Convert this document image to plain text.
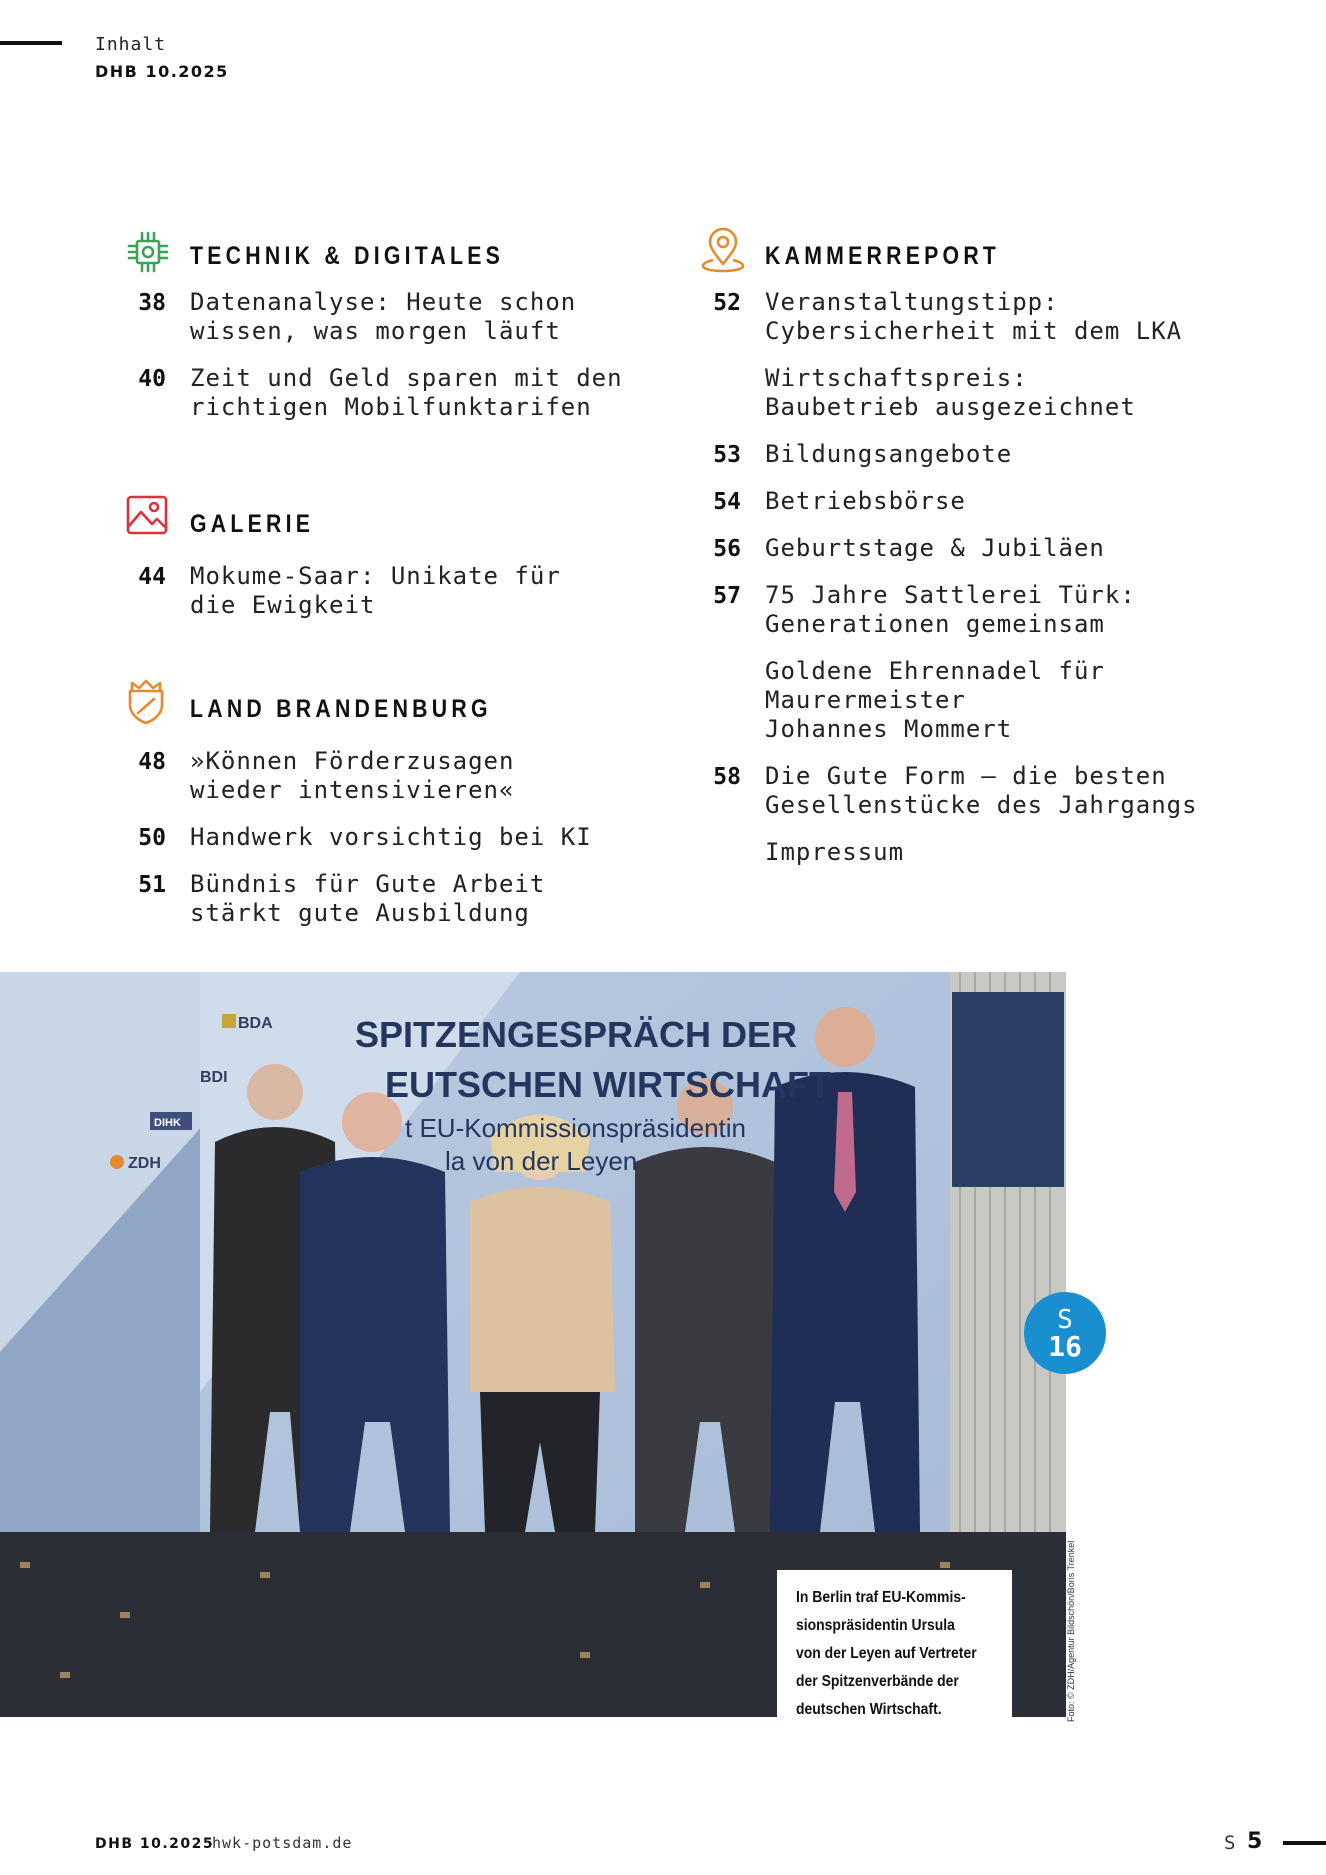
Inhalt
DHB 10.2025
TECHNIK & DIGITALES
38 Datenanalyse: Heute schon
wissen, was morgen läuft
40 Zeit und Geld sparen mit den
richtigen Mobilfunktarifen
GALERIE
44 Mokume-Saar: Unikate für
die Ewigkeit
LAND BRANDENBURG
48 »Können Förderzusagen
wieder intensivieren«
50 Handwerk vorsichtig bei KI
51 Bündnis für Gute Arbeit
stärkt gute Ausbildung
KAMMERREPORT
52 Veranstaltungstipp:
Cybersicherheit mit dem LKA
Wirtschaftspreis:
Baubetrieb ausgezeichnet
53 Bildungsangebote
54 Betriebsbörse
56 Geburtstage & Jubiläen
57 75 Jahre Sattlerei Türk:
Generationen gemeinsam
Goldene Ehrennadel für
Maurermeister
Johannes Mommert
58 Die Gute Form – die besten
Gesellenstücke des Jahrgangs
Impressum
SPITZENGESPRÄCH DER
EUTSCHEN WIRTSCHAFT
t EU-Kommissionspräsidentin
la von der Leyen
BDA
BDI
DIHK
ZDH
In Berlin traf EU-Kommis-
sionspräsidentin Ursula
von der Leyen auf Vertreter
der Spitzenverbände der
deutschen Wirtschaft.
S
16
Foto: © ZDH/Agentur Bildschön/Boris Trenkel
DHB 10.2025
hwk-potsdam.de	S 5
